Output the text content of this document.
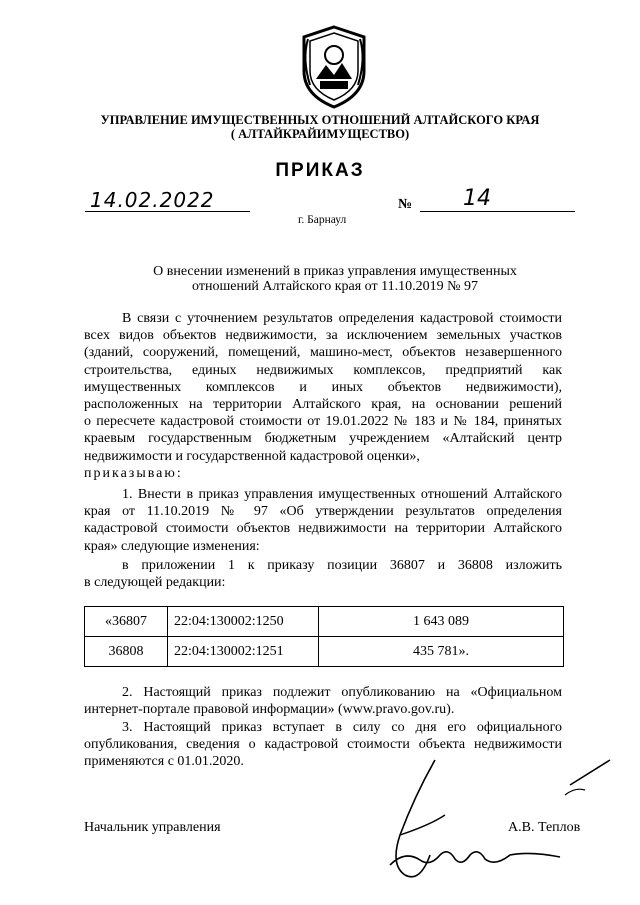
УПРАВЛЕНИЕ ИМУЩЕСТВЕННЫХ ОТНОШЕНИЙ АЛТАЙСКОГО КРАЯ
( АЛТАЙКРАЙИМУЩЕСТВО)
ПРИКАЗ
14.02.2022	№ 14
г. Барнаул
О внесении изменений в приказ управления имущественных
отношений Алтайского края от 11.10.2019 № 97
В связи с уточнением результатов определения кадастровой стоимости
всех видов объектов недвижимости, за исключением земельных участков
(зданий, сооружений, помещений, машино-мест, объектов незавершенного
строительства, единых недвижимых комплексов, предприятий как
имущественных комплексов и иных объектов недвижимости),
расположенных на территории Алтайского края, на основании решений
о пересчете кадастровой стоимости от 19.01.2022 № 183 и № 184, принятых
краевым государственным бюджетным учреждением «Алтайский центр
недвижимости и государственной кадастровой оценки»,
приказываю:
1. Внести в приказ управления имущественных отношений Алтайского
края от 11.10.2019 № 97 «Об утверждении результатов определения
кадастровой стоимости объектов недвижимости на территории Алтайского
края» следующие изменения:
в приложении 1 к приказу позиции 36807 и 36808 изложить
в следующей редакции:
«36807	22:04:130002:1250	1 643 089
36808	22:04:130002:1251	435 781».
2. Настоящий приказ подлежит опубликованию на «Официальном
интернет-портале правовой информации» (www.pravo.gov.ru).
3. Настоящий приказ вступает в силу со дня его официального
опубликования, сведения о кадастровой стоимости объекта недвижимости
применяются с 01.01.2020.
Начальник управления	А.В. Теплов
